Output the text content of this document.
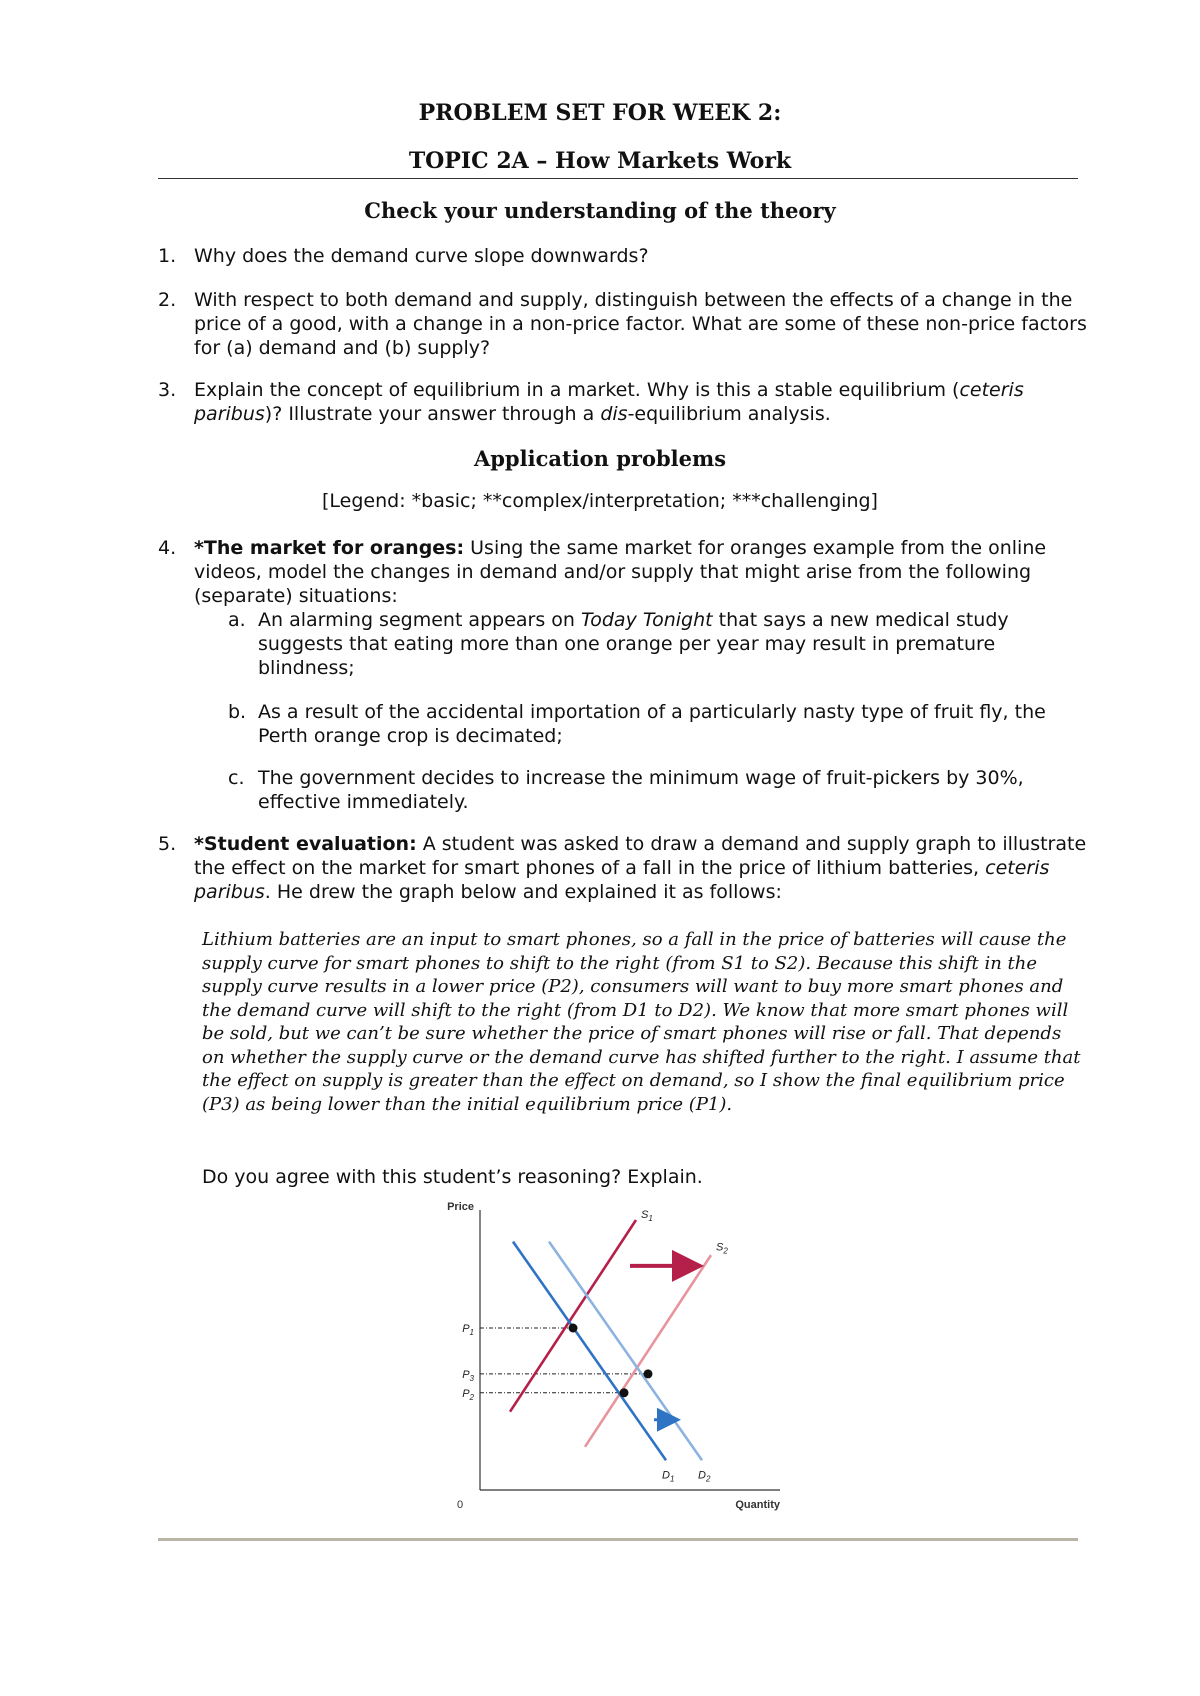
PROBLEM SET FOR WEEK 2:
TOPIC 2A – How Markets Work
Check your understanding of the theory
1. Why does the demand curve slope downwards?
2. With respect to both demand and supply, distinguish between the effects of a change in the price of a good, with a change in a non-price factor. What are some of these non-price factors for (a) demand and (b) supply?
3. Explain the concept of equilibrium in a market. Why is this a stable equilibrium (ceteris paribus)? Illustrate your answer through a dis-equilibrium analysis.
Application problems
[Legend: *basic; **complex/interpretation; ***challenging]
4. *The market for oranges: Using the same market for oranges example from the online videos, model the changes in demand and/or supply that might arise from the following (separate) situations:
a. An alarming segment appears on Today Tonight that says a new medical study suggests that eating more than one orange per year may result in premature blindness;
b. As a result of the accidental importation of a particularly nasty type of fruit fly, the Perth orange crop is decimated;
c. The government decides to increase the minimum wage of fruit-pickers by 30%, effective immediately.
5. *Student evaluation: A student was asked to draw a demand and supply graph to illustrate the effect on the market for smart phones of a fall in the price of lithium batteries, ceteris paribus. He drew the graph below and explained it as follows:
Lithium batteries are an input to smart phones, so a fall in the price of batteries will cause the supply curve for smart phones to shift to the right (from S1 to S2). Because this shift in the supply curve results in a lower price (P2), consumers will want to buy more smart phones and the demand curve will shift to the right (from D1 to D2). We know that more smart phones will be sold, but we can’t be sure whether the price of smart phones will rise or fall. That depends on whether the supply curve or the demand curve has shifted further to the right. I assume that the effect on supply is greater than the effect on demand, so I show the final equilibrium price (P3) as being lower than the initial equilibrium price (P1).
Do you agree with this student’s reasoning? Explain.
Price
Quantity
0
$P_1$
$P_3$
$P_2$
$S_1$
$S_2$
$D_1$ $D_2$
